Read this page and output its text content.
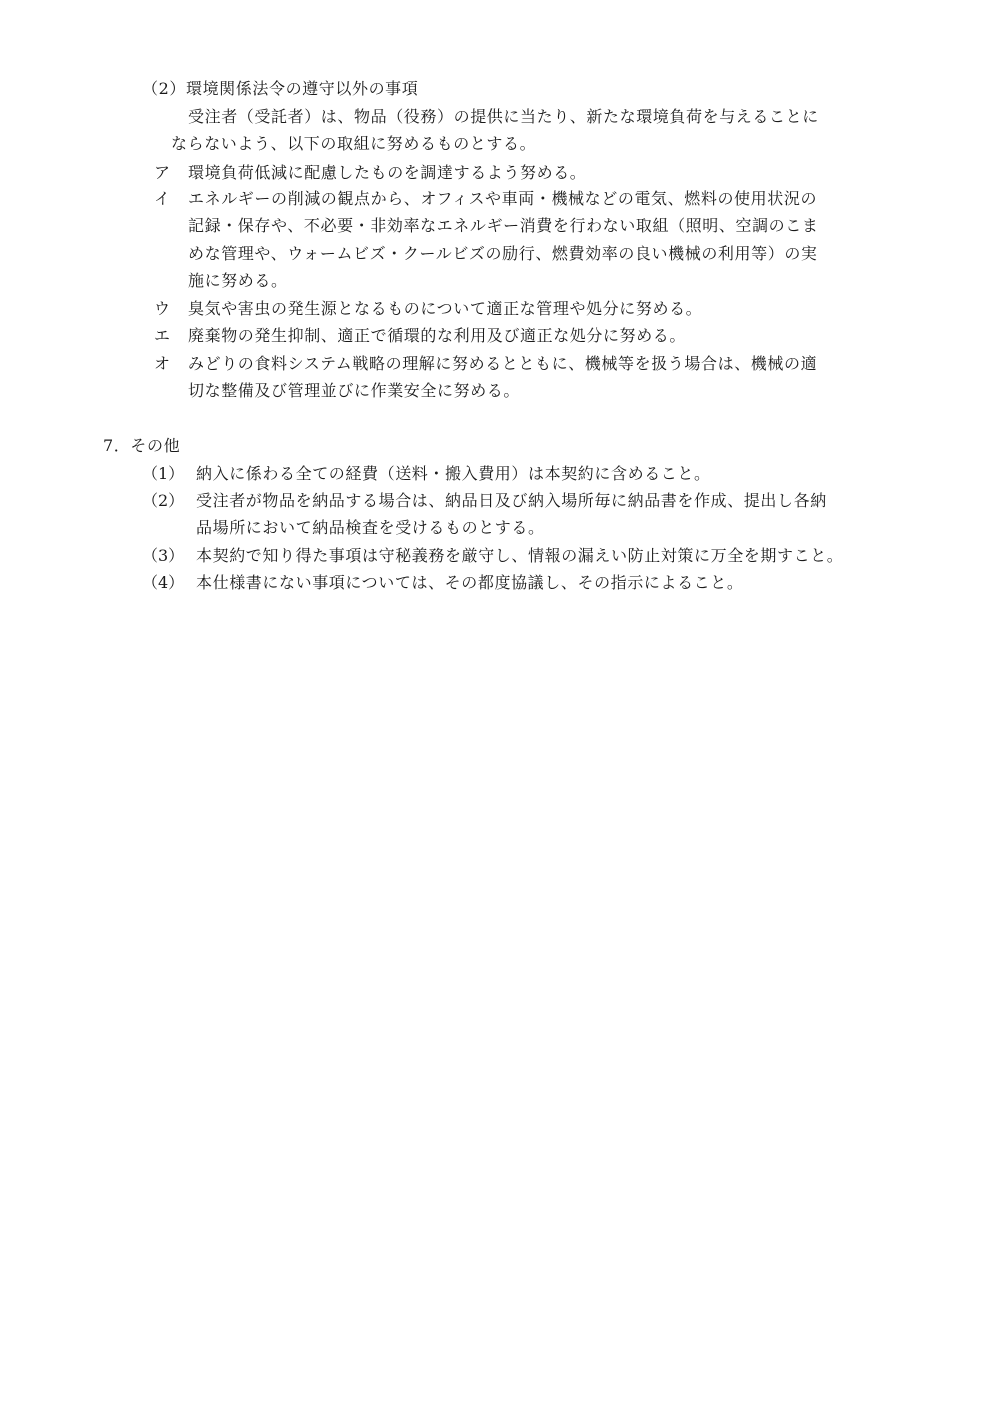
（2）環境関係法令の遵守以外の事項
受注者（受託者）は、物品（役務）の提供に当たり、新たな環境負荷を与えることに
ならないよう、以下の取組に努めるものとする。
ア 環境負荷低減に配慮したものを調達するよう努める。
イ エネルギーの削減の観点から、オフィスや車両・機械などの電気、燃料の使用状況の
記録・保存や、不必要・非効率なエネルギー消費を行わない取組（照明、空調のこま
めな管理や、ウォームビズ・クールビズの励行、燃費効率の良い機械の利用等）の実
施に努める。
ウ 臭気や害虫の発生源となるものについて適正な管理や処分に努める。
エ 廃棄物の発生抑制、適正で循環的な利用及び適正な処分に努める。
オ みどりの食料システム戦略の理解に努めるとともに、機械等を扱う場合は、機械の適
切な整備及び管理並びに作業安全に努める。
7．その他
（1） 納入に係わる全ての経費（送料・搬入費用）は本契約に含めること。
（2） 受注者が物品を納品する場合は、納品日及び納入場所毎に納品書を作成、提出し各納
品場所において納品検査を受けるものとする。
（3） 本契約で知り得た事項は守秘義務を厳守し、情報の漏えい防止対策に万全を期すこと。
（4） 本仕様書にない事項については、その都度協議し、その指示によること。
